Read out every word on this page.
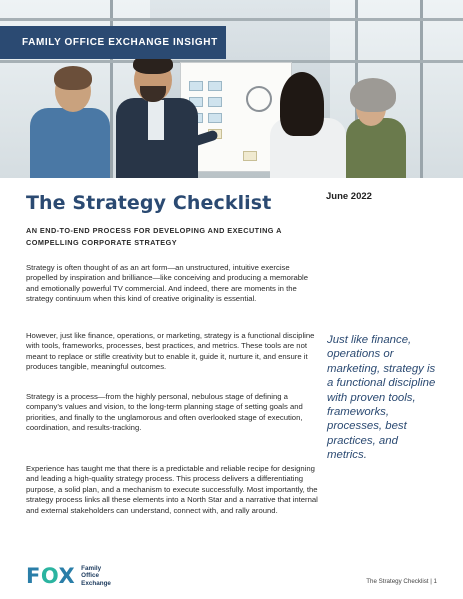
FAMILY OFFICE EXCHANGE INSIGHT
The Strategy Checklist	June 2022
AN END-TO-END PROCESS FOR DEVELOPING AND EXECUTING A COMPELLING CORPORATE STRATEGY

Strategy is often thought of as an art form—an unstructured, intuitive exercise propelled by inspiration and brilliance—like conceiving and producing a memorable and emotionally powerful TV commercial. And indeed, there are moments in the strategy continuum when this kind of creative originality is essential.

However, just like finance, operations, or marketing, strategy is a functional discipline with tools, frameworks, processes, best practices, and metrics. These tools are not meant to replace or stifle creativity but to enable it, guide it, nurture it, and ensure it produces tangible, meaningful outcomes.

Strategy is a process—from the highly personal, nebulous stage of defining a company’s values and vision, to the long-term planning stage of setting goals and priorities, and finally to the unglamorous and often overlooked stage of execution, coordination, and results-tracking.

Experience has taught me that there is a predictable and reliable recipe for designing and leading a high-quality strategy process. This process delivers a differentiating purpose, a solid plan, and a mechanism to execute successfully. Most importantly, the strategy process links all these elements into a North Star and a narrative that internal and external stakeholders can understand, connect with, and rally around.

Just like finance, operations or marketing, strategy is a functional discipline with proven tools, frameworks, processes, best practices, and metrics.
FOX Family
Office
Exchange	The Strategy Checklist | 1
